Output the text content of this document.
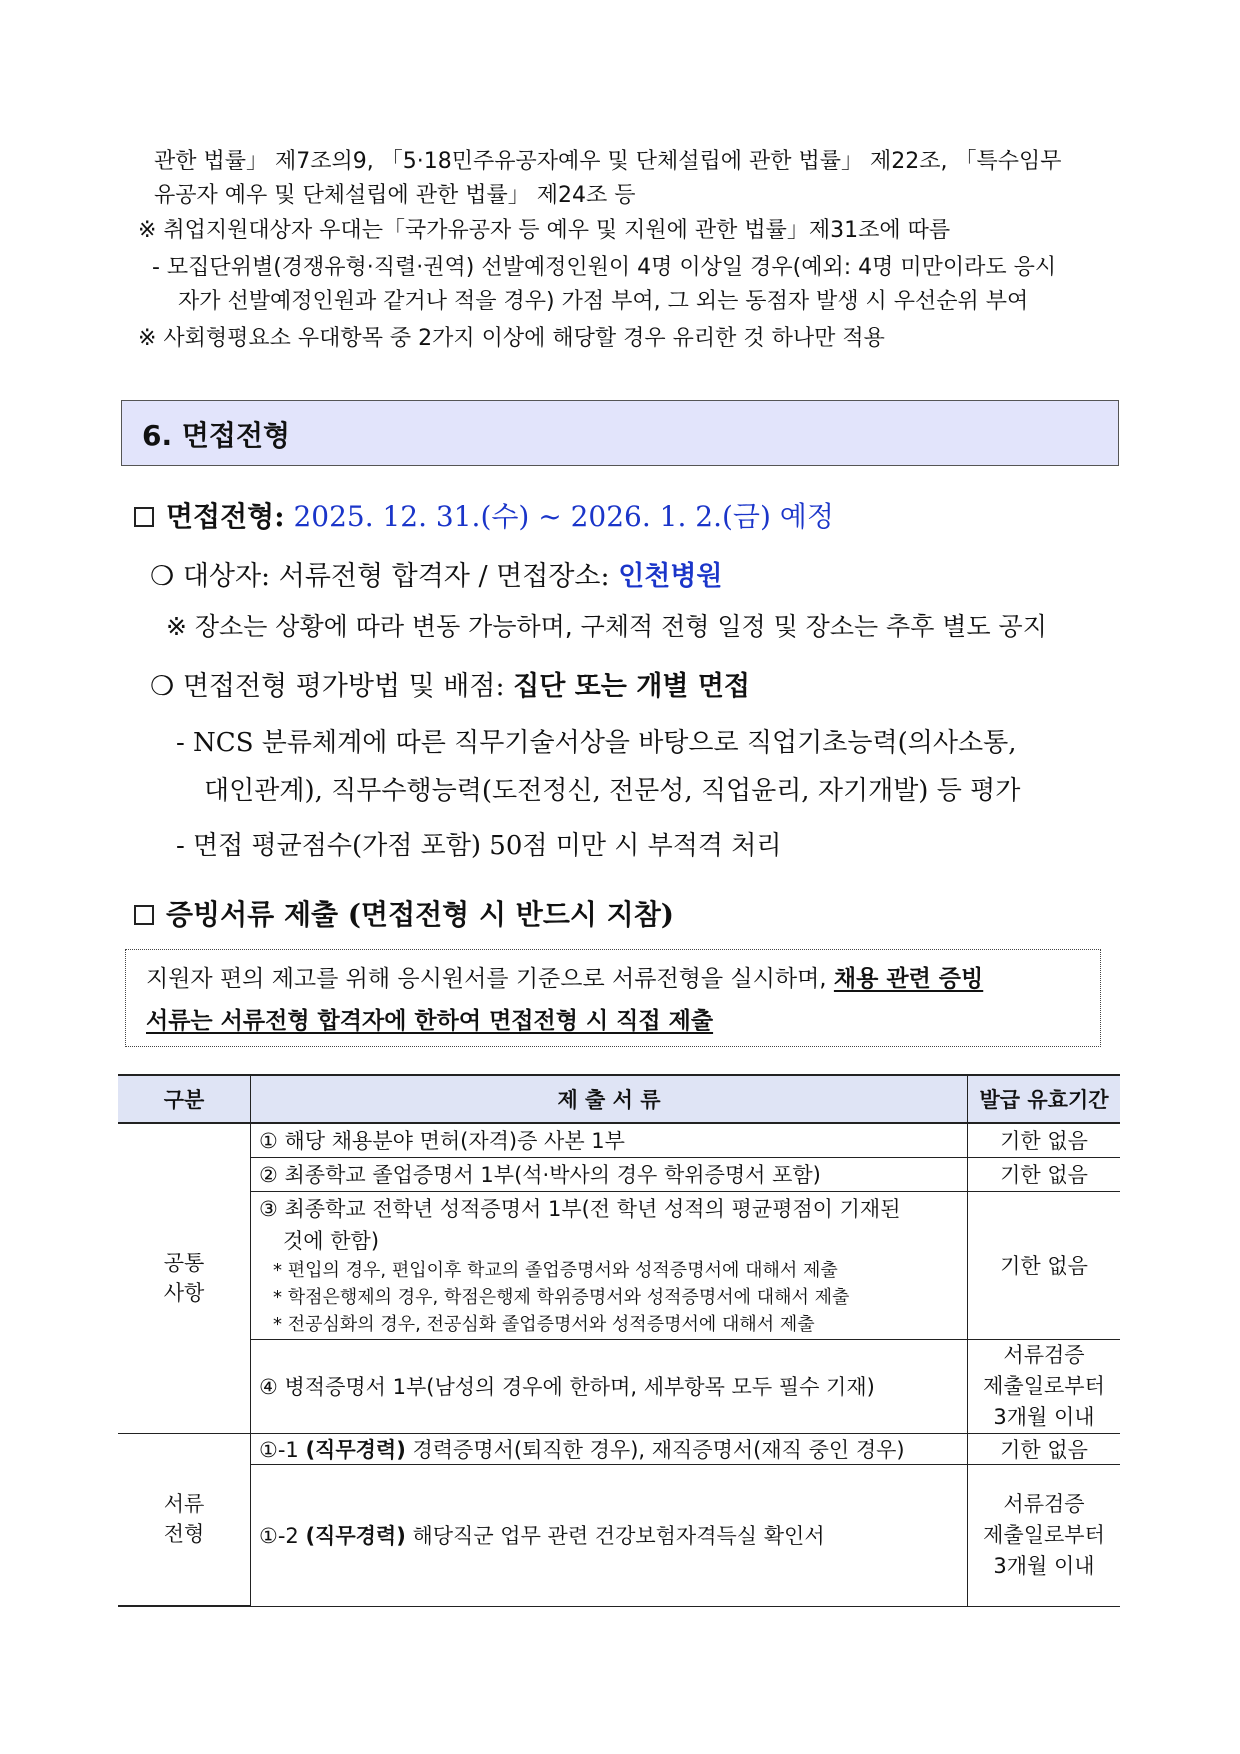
관한 법률」 제7조의9, 「5·18민주유공자예우 및 단체설립에 관한 법률」 제22조, 「특수임무
유공자 예우 및 단체설립에 관한 법률」 제24조 등
※ 취업지원대상자 우대는「국가유공자 등 예우 및 지원에 관한 법률」제31조에 따름
- 모집단위별(경쟁유형·직렬·권역) 선발예정인원이 4명 이상일 경우(예외: 4명 미만이라도 응시
자가 선발예정인원과 같거나 적을 경우) 가점 부여, 그 외는 동점자 발생 시 우선순위 부여
※ 사회형평요소 우대항목 중 2가지 이상에 해당할 경우 유리한 것 하나만 적용
6. 면접전형
면접전형: 2025. 12. 31.(수) ~ 2026. 1. 2.(금) 예정
❍ 대상자: 서류전형 합격자 / 면접장소: 인천병원
※ 장소는 상황에 따라 변동 가능하며, 구체적 전형 일정 및 장소는 추후 별도 공지
❍ 면접전형 평가방법 및 배점: 집단 또는 개별 면접
- NCS 분류체계에 따른 직무기술서상을 바탕으로 직업기초능력(의사소통,
대인관계), 직무수행능력(도전정신, 전문성, 직업윤리, 자기개발) 등 평가
- 면접 평균점수(가점 포함) 50점 미만 시 부적격 처리
증빙서류 제출 (면접전형 시 반드시 지참)
지원자 편의 제고를 위해 응시원서를 기준으로 서류전형을 실시하며, 채용 관련 증빙
서류는 서류전형 합격자에 한하여 면접전형 시 직접 제출
구분	제 출 서 류	발급 유효기간
공통 사항	① 해당 채용분야 면허(자격)증 사본 1부	기한 없음
	② 최종학교 졸업증명서 1부(석·박사의 경우 학위증명서 포함)	기한 없음
	③ 최종학교 전학년 성적증명서 1부(전 학년 성적의 평균평점이 기재된
것에 한함)
* 편입의 경우, 편입이후 학교의 졸업증명서와 성적증명서에 대해서 제출
* 학점은행제의 경우, 학점은행제 학위증명서와 성적증명서에 대해서 제출
* 전공심화의 경우, 전공심화 졸업증명서와 성적증명서에 대해서 제출	기한 없음
	④ 병적증명서 1부(남성의 경우에 한하며, 세부항목 모두 필수 기재)	서류검증
제출일로부터
3개월 이내
서류 전형	①-1 (직무경력) 경력증명서(퇴직한 경우), 재직증명서(재직 중인 경우)	기한 없음
	①-2 (직무경력) 해당직군 업무 관련 건강보험자격득실 확인서	서류검증
제출일로부터
3개월 이내
